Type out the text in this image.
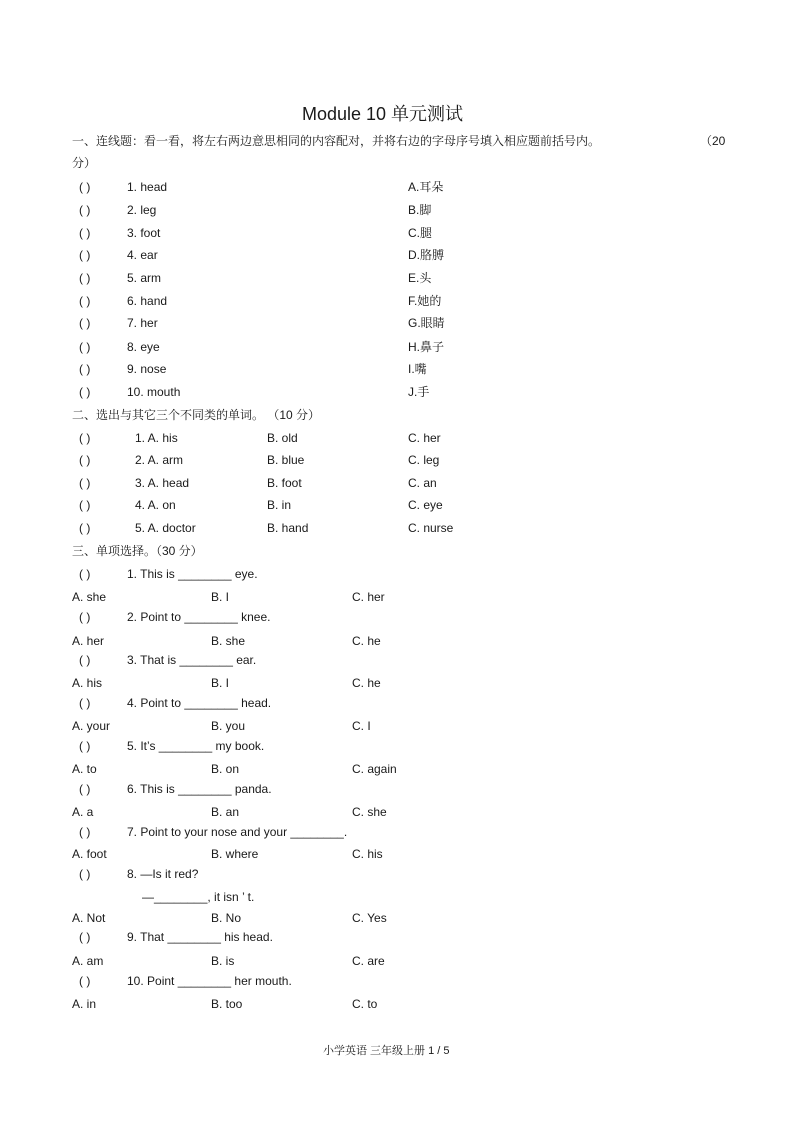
Module 10 单元测试
一、连线题：看一看，将左右两边意思相同的内容配对，并将右边的字母序号填入相应题前括号内。	（20
分）
( )	1. head	A.耳朵
( )	2. leg	B.脚
( )	3. foot	C.腿
( )	4. ear	D.胳膊
( )	5. arm	E.头
( )	6. hand	F.她的
( )	7. her	G.眼睛
( )	8. eye	H.鼻子
( )	9. nose	I.嘴
( )	10. mouth	J.手
二、选出与其它三个不同类的单词。 （10 分）
( )	1. A. his	B. old	C. her
( )	2. A. arm	B. blue	C. leg
( )	3. A. head	B. foot	C. an
( )	4. A. on	B. in	C. eye
( )	5. A. doctor	B. hand	C. nurse
三、单项选择。（30 分）
( )	1. This is ________ eye.
A. she	B. I	C. her
( )	2. Point to ________ knee.
A. her	B. she	C. he
( )	3. That is ________ ear.
A. his	B. I	C. he
( )	4. Point to ________ head.
A. your	B. you	C. I
( )	5. It’s ________ my book.
A. to	B. on	C. again
( )	6. This is ________ panda.
A. a	B. an	C. she
( )	7. Point to your nose and your ________.
A. foot	B. where	C. his
( )	8. —Is it red?
—________, it isn ’ t.
A. Not	B. No	C. Yes
( )	9. That ________ his head.
A. am	B. is	C. are
( )	10. Point ________ her mouth.
A. in	B. too	C. to
小学英语 三年级上册 1 / 5
